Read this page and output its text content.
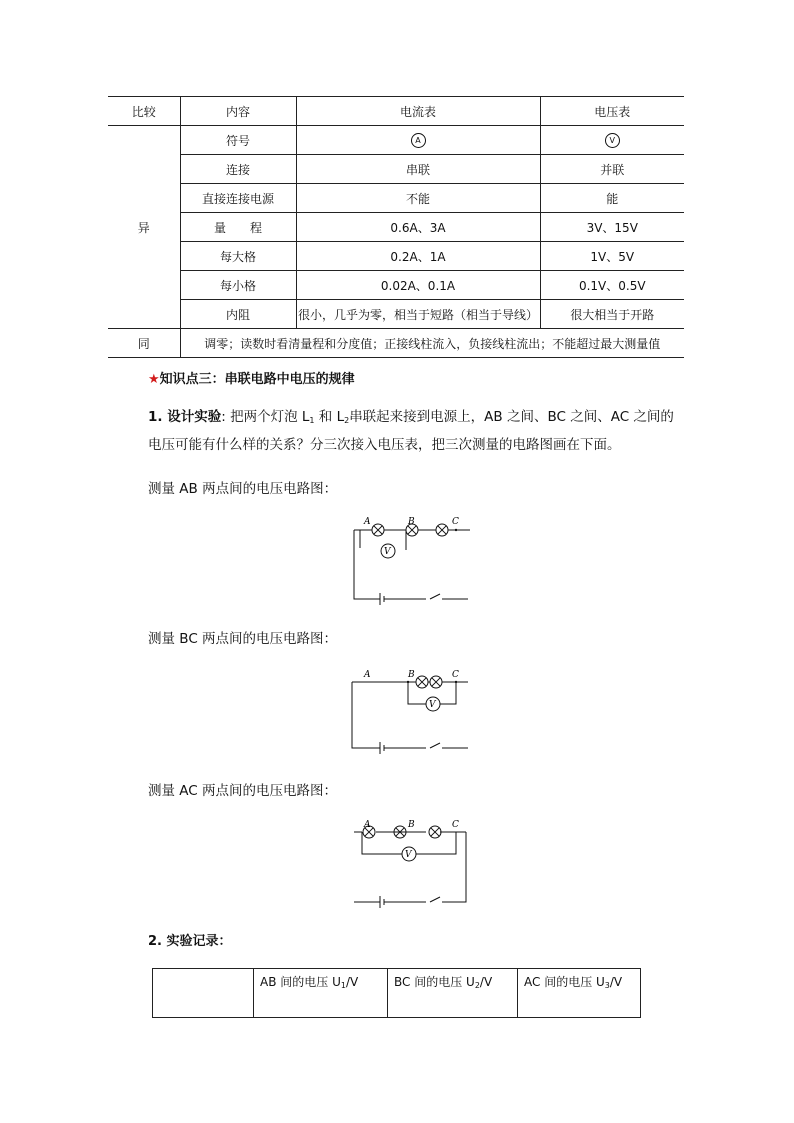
比较	内容	电流表	电压表
异	符号	A	V
	连接	串联	并联
	直接连接电源	不能	能
	量　　程	0.6A、3A	3V、15V
	每大格	0.2A、1A	1V、5V
	每小格	0.02A、0.1A	0.1V、0.5V
	内阻	很小，几乎为零，相当于短路（相当于导线）	很大相当于开路
同	调零；读数时看清量程和分度值；正接线柱流入，负接线柱流出；不能超过最大测量值		
★知识点三：串联电路中电压的规律
1. 设计实验: 把两个灯泡 $L_1$ 和 $L_2$串联起来接到电源上，AB 之间、BC 之间、AC 之间的
电压可能有什么样的关系？分三次接入电压表，把三次测量的电路图画在下面。
测量 AB 两点间的电压电路图：
V
A	B	C
测量 BC 两点间的电压电路图：
V
A	B	C
测量 AC 两点间的电压电路图：
V
A	B	C
2. 实验记录：
	AB 间的电压 $U_1/V$	BC 间的电压 $U_2/V$	AC 间的电压 $U_3/V$
